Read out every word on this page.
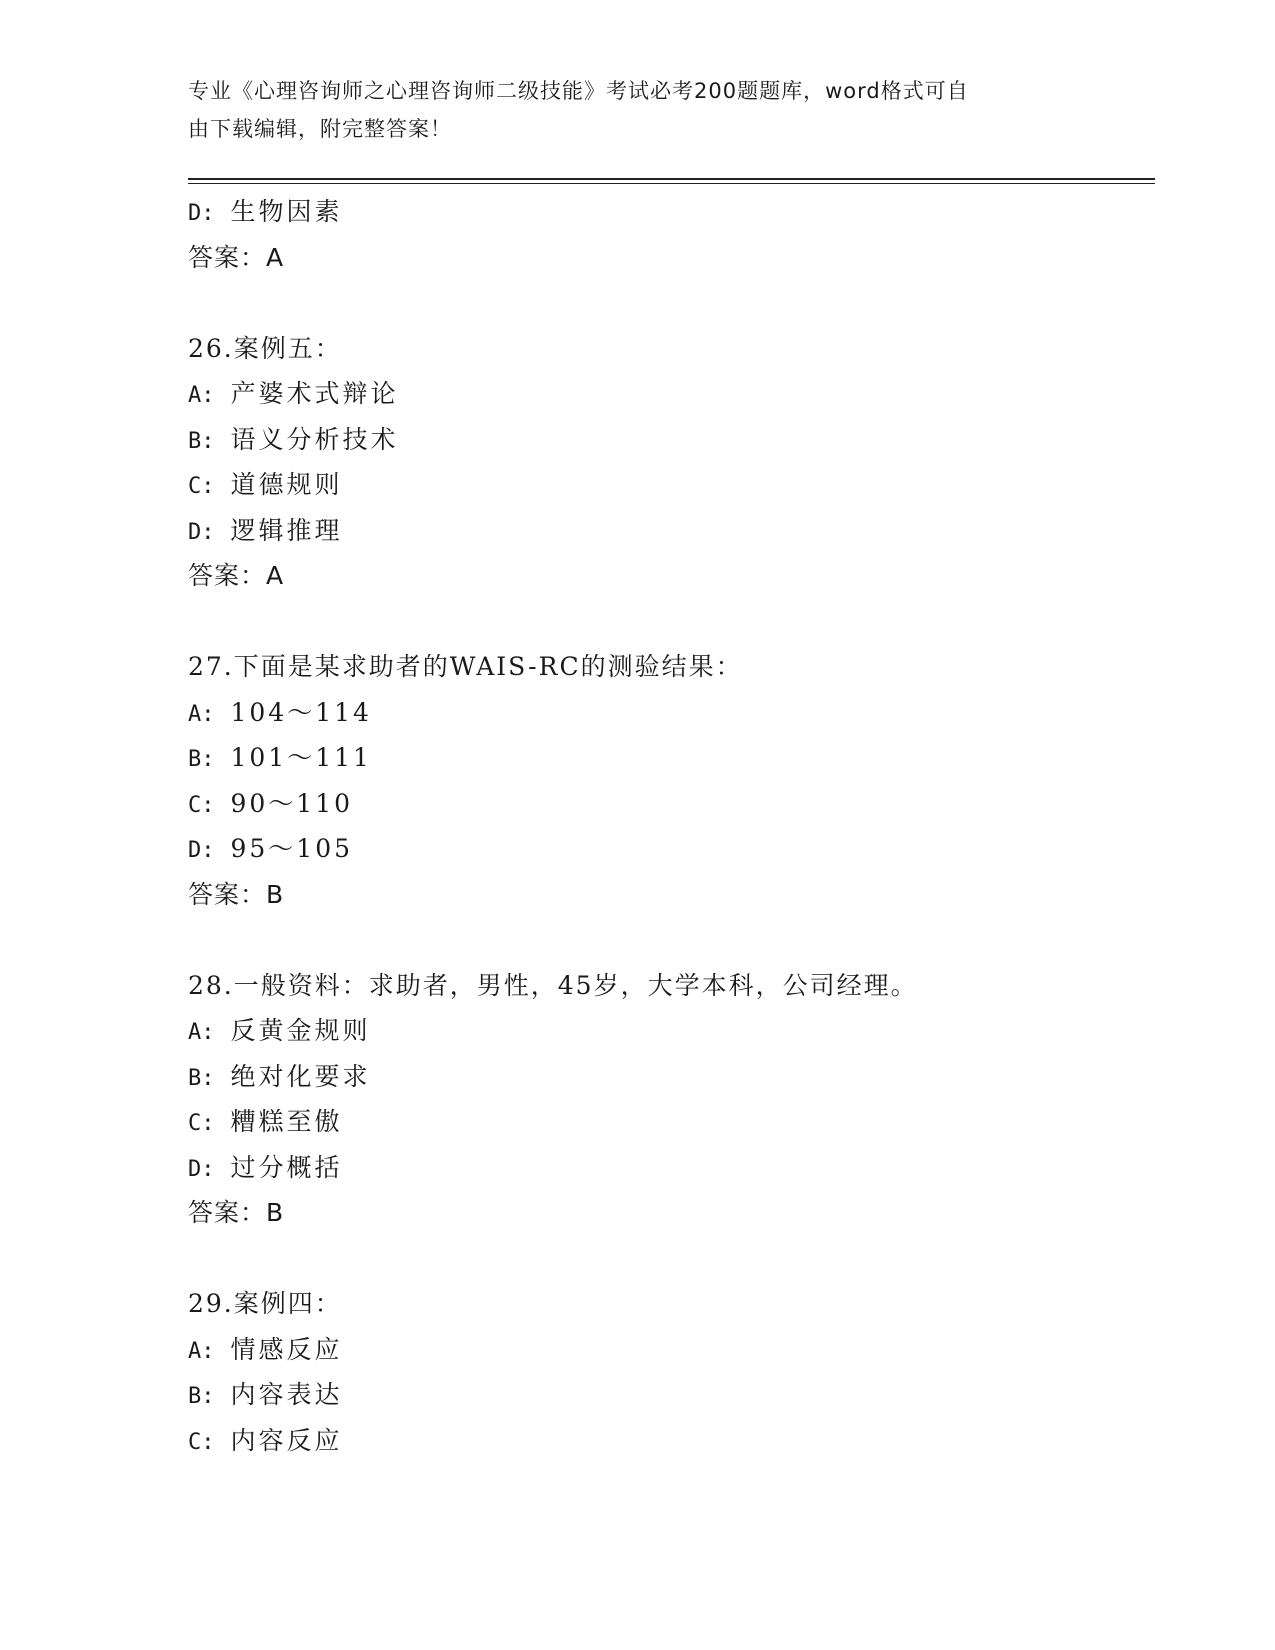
专业《心理咨询师之心理咨询师二级技能》考试必考200题题库，word格式可自
由下载编辑，附完整答案！
D: 生物因素
答案：A
26.案例五：
A: 产婆术式辩论
B: 语义分析技术
C: 道德规则
D: 逻辑推理
答案：A
27.下面是某求助者的WAIS-RC的测验结果：
A: 104～114
B: 101～111
C: 90～110
D: 95～105
答案：B
28.一般资料：求助者，男性，45岁，大学本科，公司经理。
A: 反黄金规则
B: 绝对化要求
C: 糟糕至傲
D: 过分概括
答案：B
29.案例四：
A: 情感反应
B: 内容表达
C: 内容反应
